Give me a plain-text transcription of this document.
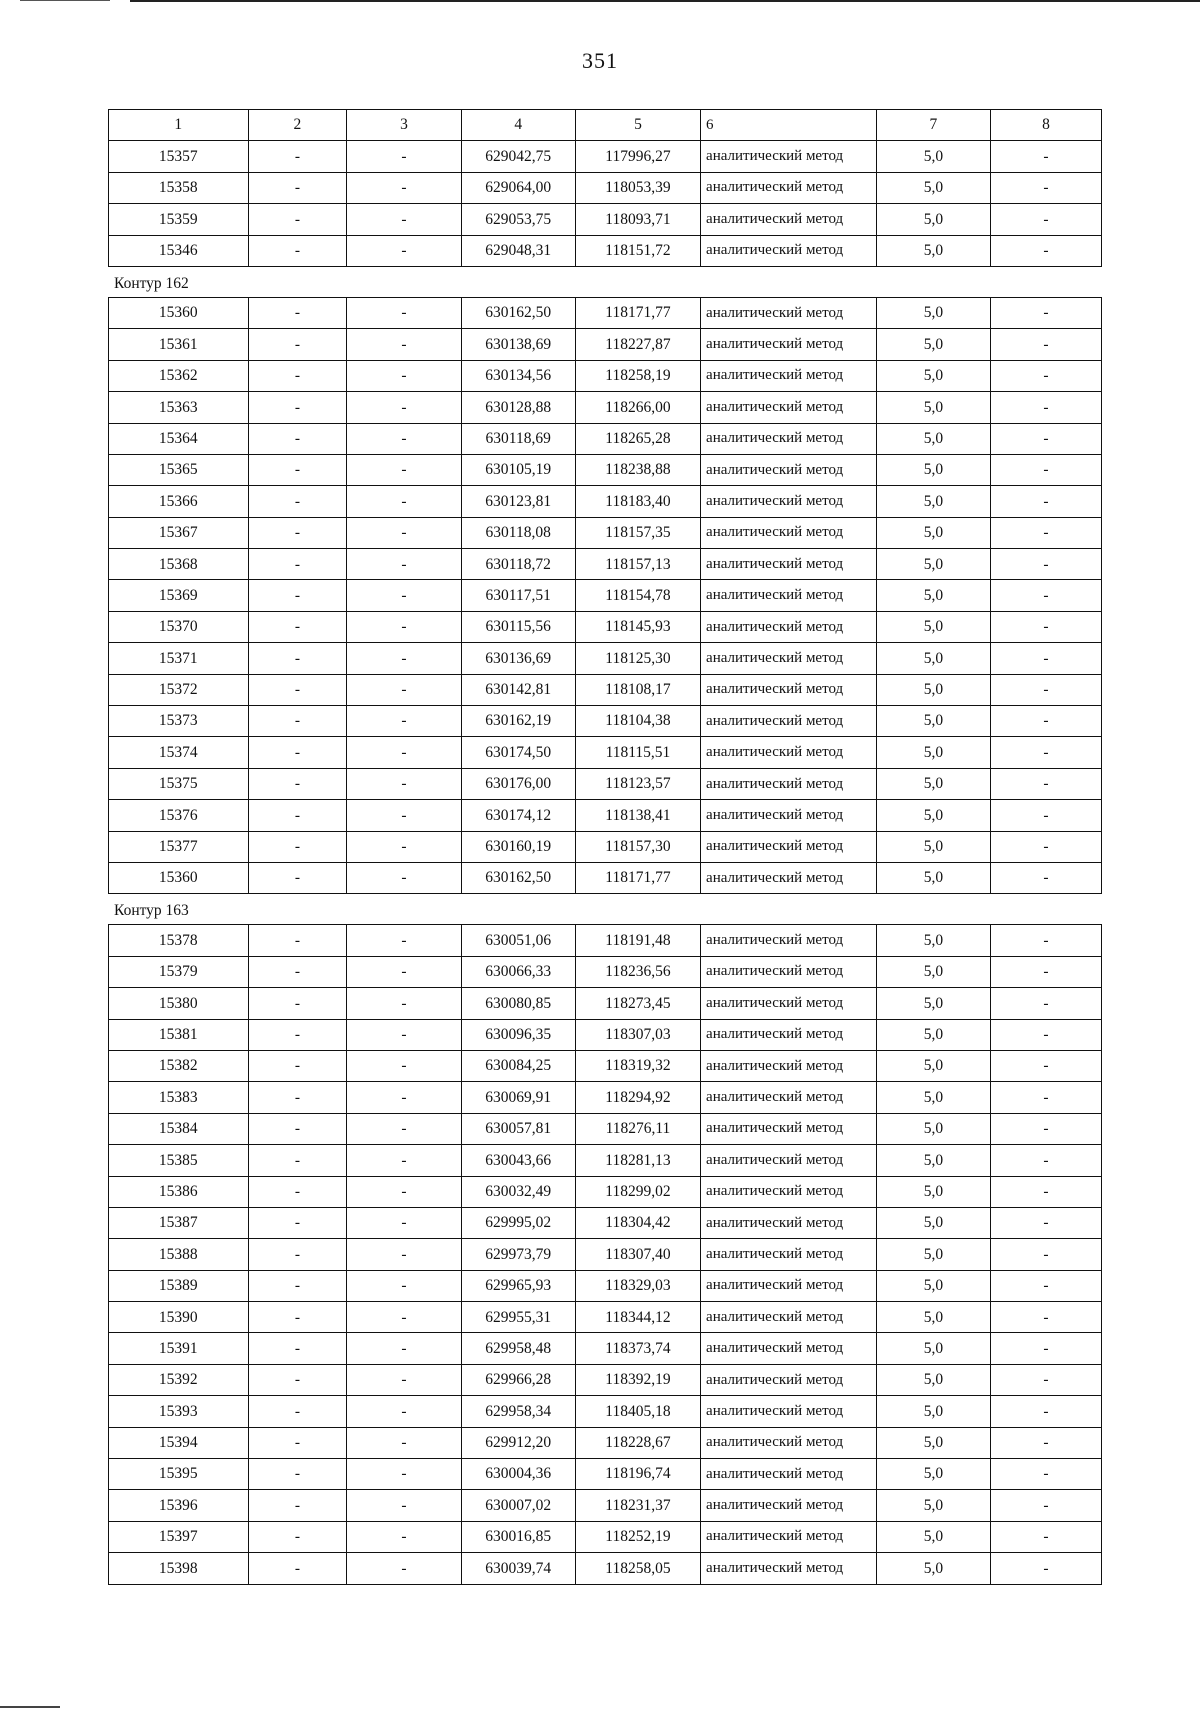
351
1	2	3	4	5	6	7	8
15357	-	-	629042,75	117996,27	аналитический метод	5,0	-
15358	-	-	629064,00	118053,39	аналитический метод	5,0	-
15359	-	-	629053,75	118093,71	аналитический метод	5,0	-
15346	-	-	629048,31	118151,72	аналитический метод	5,0	-
Контур 162
15360	-	-	630162,50	118171,77	аналитический метод	5,0	-
15361	-	-	630138,69	118227,87	аналитический метод	5,0	-
15362	-	-	630134,56	118258,19	аналитический метод	5,0	-
15363	-	-	630128,88	118266,00	аналитический метод	5,0	-
15364	-	-	630118,69	118265,28	аналитический метод	5,0	-
15365	-	-	630105,19	118238,88	аналитический метод	5,0	-
15366	-	-	630123,81	118183,40	аналитический метод	5,0	-
15367	-	-	630118,08	118157,35	аналитический метод	5,0	-
15368	-	-	630118,72	118157,13	аналитический метод	5,0	-
15369	-	-	630117,51	118154,78	аналитический метод	5,0	-
15370	-	-	630115,56	118145,93	аналитический метод	5,0	-
15371	-	-	630136,69	118125,30	аналитический метод	5,0	-
15372	-	-	630142,81	118108,17	аналитический метод	5,0	-
15373	-	-	630162,19	118104,38	аналитический метод	5,0	-
15374	-	-	630174,50	118115,51	аналитический метод	5,0	-
15375	-	-	630176,00	118123,57	аналитический метод	5,0	-
15376	-	-	630174,12	118138,41	аналитический метод	5,0	-
15377	-	-	630160,19	118157,30	аналитический метод	5,0	-
15360	-	-	630162,50	118171,77	аналитический метод	5,0	-
Контур 163
15378	-	-	630051,06	118191,48	аналитический метод	5,0	-
15379	-	-	630066,33	118236,56	аналитический метод	5,0	-
15380	-	-	630080,85	118273,45	аналитический метод	5,0	-
15381	-	-	630096,35	118307,03	аналитический метод	5,0	-
15382	-	-	630084,25	118319,32	аналитический метод	5,0	-
15383	-	-	630069,91	118294,92	аналитический метод	5,0	-
15384	-	-	630057,81	118276,11	аналитический метод	5,0	-
15385	-	-	630043,66	118281,13	аналитический метод	5,0	-
15386	-	-	630032,49	118299,02	аналитический метод	5,0	-
15387	-	-	629995,02	118304,42	аналитический метод	5,0	-
15388	-	-	629973,79	118307,40	аналитический метод	5,0	-
15389	-	-	629965,93	118329,03	аналитический метод	5,0	-
15390	-	-	629955,31	118344,12	аналитический метод	5,0	-
15391	-	-	629958,48	118373,74	аналитический метод	5,0	-
15392	-	-	629966,28	118392,19	аналитический метод	5,0	-
15393	-	-	629958,34	118405,18	аналитический метод	5,0	-
15394	-	-	629912,20	118228,67	аналитический метод	5,0	-
15395	-	-	630004,36	118196,74	аналитический метод	5,0	-
15396	-	-	630007,02	118231,37	аналитический метод	5,0	-
15397	-	-	630016,85	118252,19	аналитический метод	5,0	-
15398	-	-	630039,74	118258,05	аналитический метод	5,0	-
